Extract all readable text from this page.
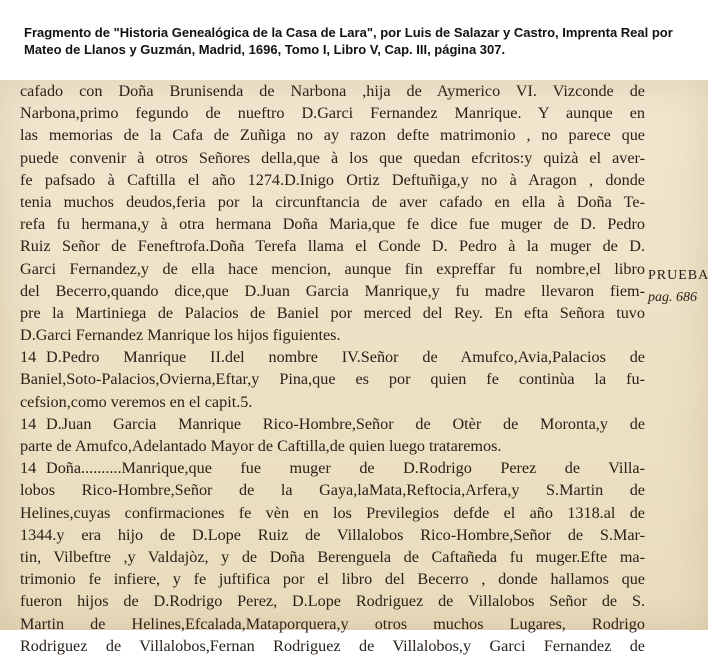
Fragmento de "Historia Genealógica de la Casa de Lara", por Luis de Salazar y Castro, Imprenta Real por Mateo de Llanos y Guzmán, Madrid, 1696, Tomo I, Libro V, Cap. III, página 307.
cafado con Doña Brunisenda de Narbona ,hija de Aymerico VI. Vizconde de
Narbona,primo fegundo de nueftro D.Garci Fernandez Manrique. Y aunque en
las memorias de la Cafa de Zuñiga no ay razon defte matrimonio , no parece que
puede convenir à otros Señores della,que à los que quedan efcritos:y quizà el aver-
fe pafsado à Caftilla el año 1274.D.Inigo Ortiz Deftuñiga,y no à Aragon , donde
tenia muchos deudos,feria por la circunftancia de aver cafado en ella à Doña Te-
refa fu hermana,y à otra hermana Doña Maria,que fe dice fue muger de D. Pedro
Ruiz Señor de Feneftrofa.Doña Terefa llama el Conde D. Pedro à la muger de D.
Garci Fernandez,y de ella hace mencion, aunque fin expreffar fu nombre,el libro
del Becerro,quando dice,que D.Juan Garcia Manrique,y fu madre llevaron fiem-
pre la Martiniega de Palacios de Baniel por merced del Rey. En efta Señora tuvo
D.Garci Fernandez Manrique los hijos figuientes.
14 D.Pedro Manrique II.del nombre IV.Señor de Amufco,Avia,Palacios de
Baniel,Soto-Palacios,Ovierna,Eftar,y Pina,que es por quien fe continùa la fu-
cefsion,como veremos en el capit.5.
14 D.Juan Garcia Manrique Rico-Hombre,Señor de Otèr de Moronta,y de
parte de Amufco,Adelantado Mayor de Caftilla,de quien luego trataremos.
14 Doña..........Manrique,que fue muger de D.Rodrigo Perez de Villa-
lobos Rico-Hombre,Señor de la Gaya,laMata,Reftocia,Arfera,y S.Martin de
Helines,cuyas confirmaciones fe vèn en los Previlegios defde el año 1318.al de
1344.y era hijo de D.Lope Ruiz de Villalobos Rico-Hombre,Señor de S.Mar-
tin, Vilbeftre ,y Valdajòz, y de Doña Berenguela de Caftañeda fu muger.Efte ma-
trimonio fe infiere, y fe juftifica por el libro del Becerro , donde hallamos que
fueron hijos de D.Rodrigo Perez, D.Lope Rodriguez de Villalobos Señor de S.
Martin de Helines,Efcalada,Mataporquera,y otros muchos Lugares, Rodrigo
Rodriguez de Villalobos,Fernan Rodriguez de Villalobos,y Garci Fernandez de
PRUEBA
pag. 686
